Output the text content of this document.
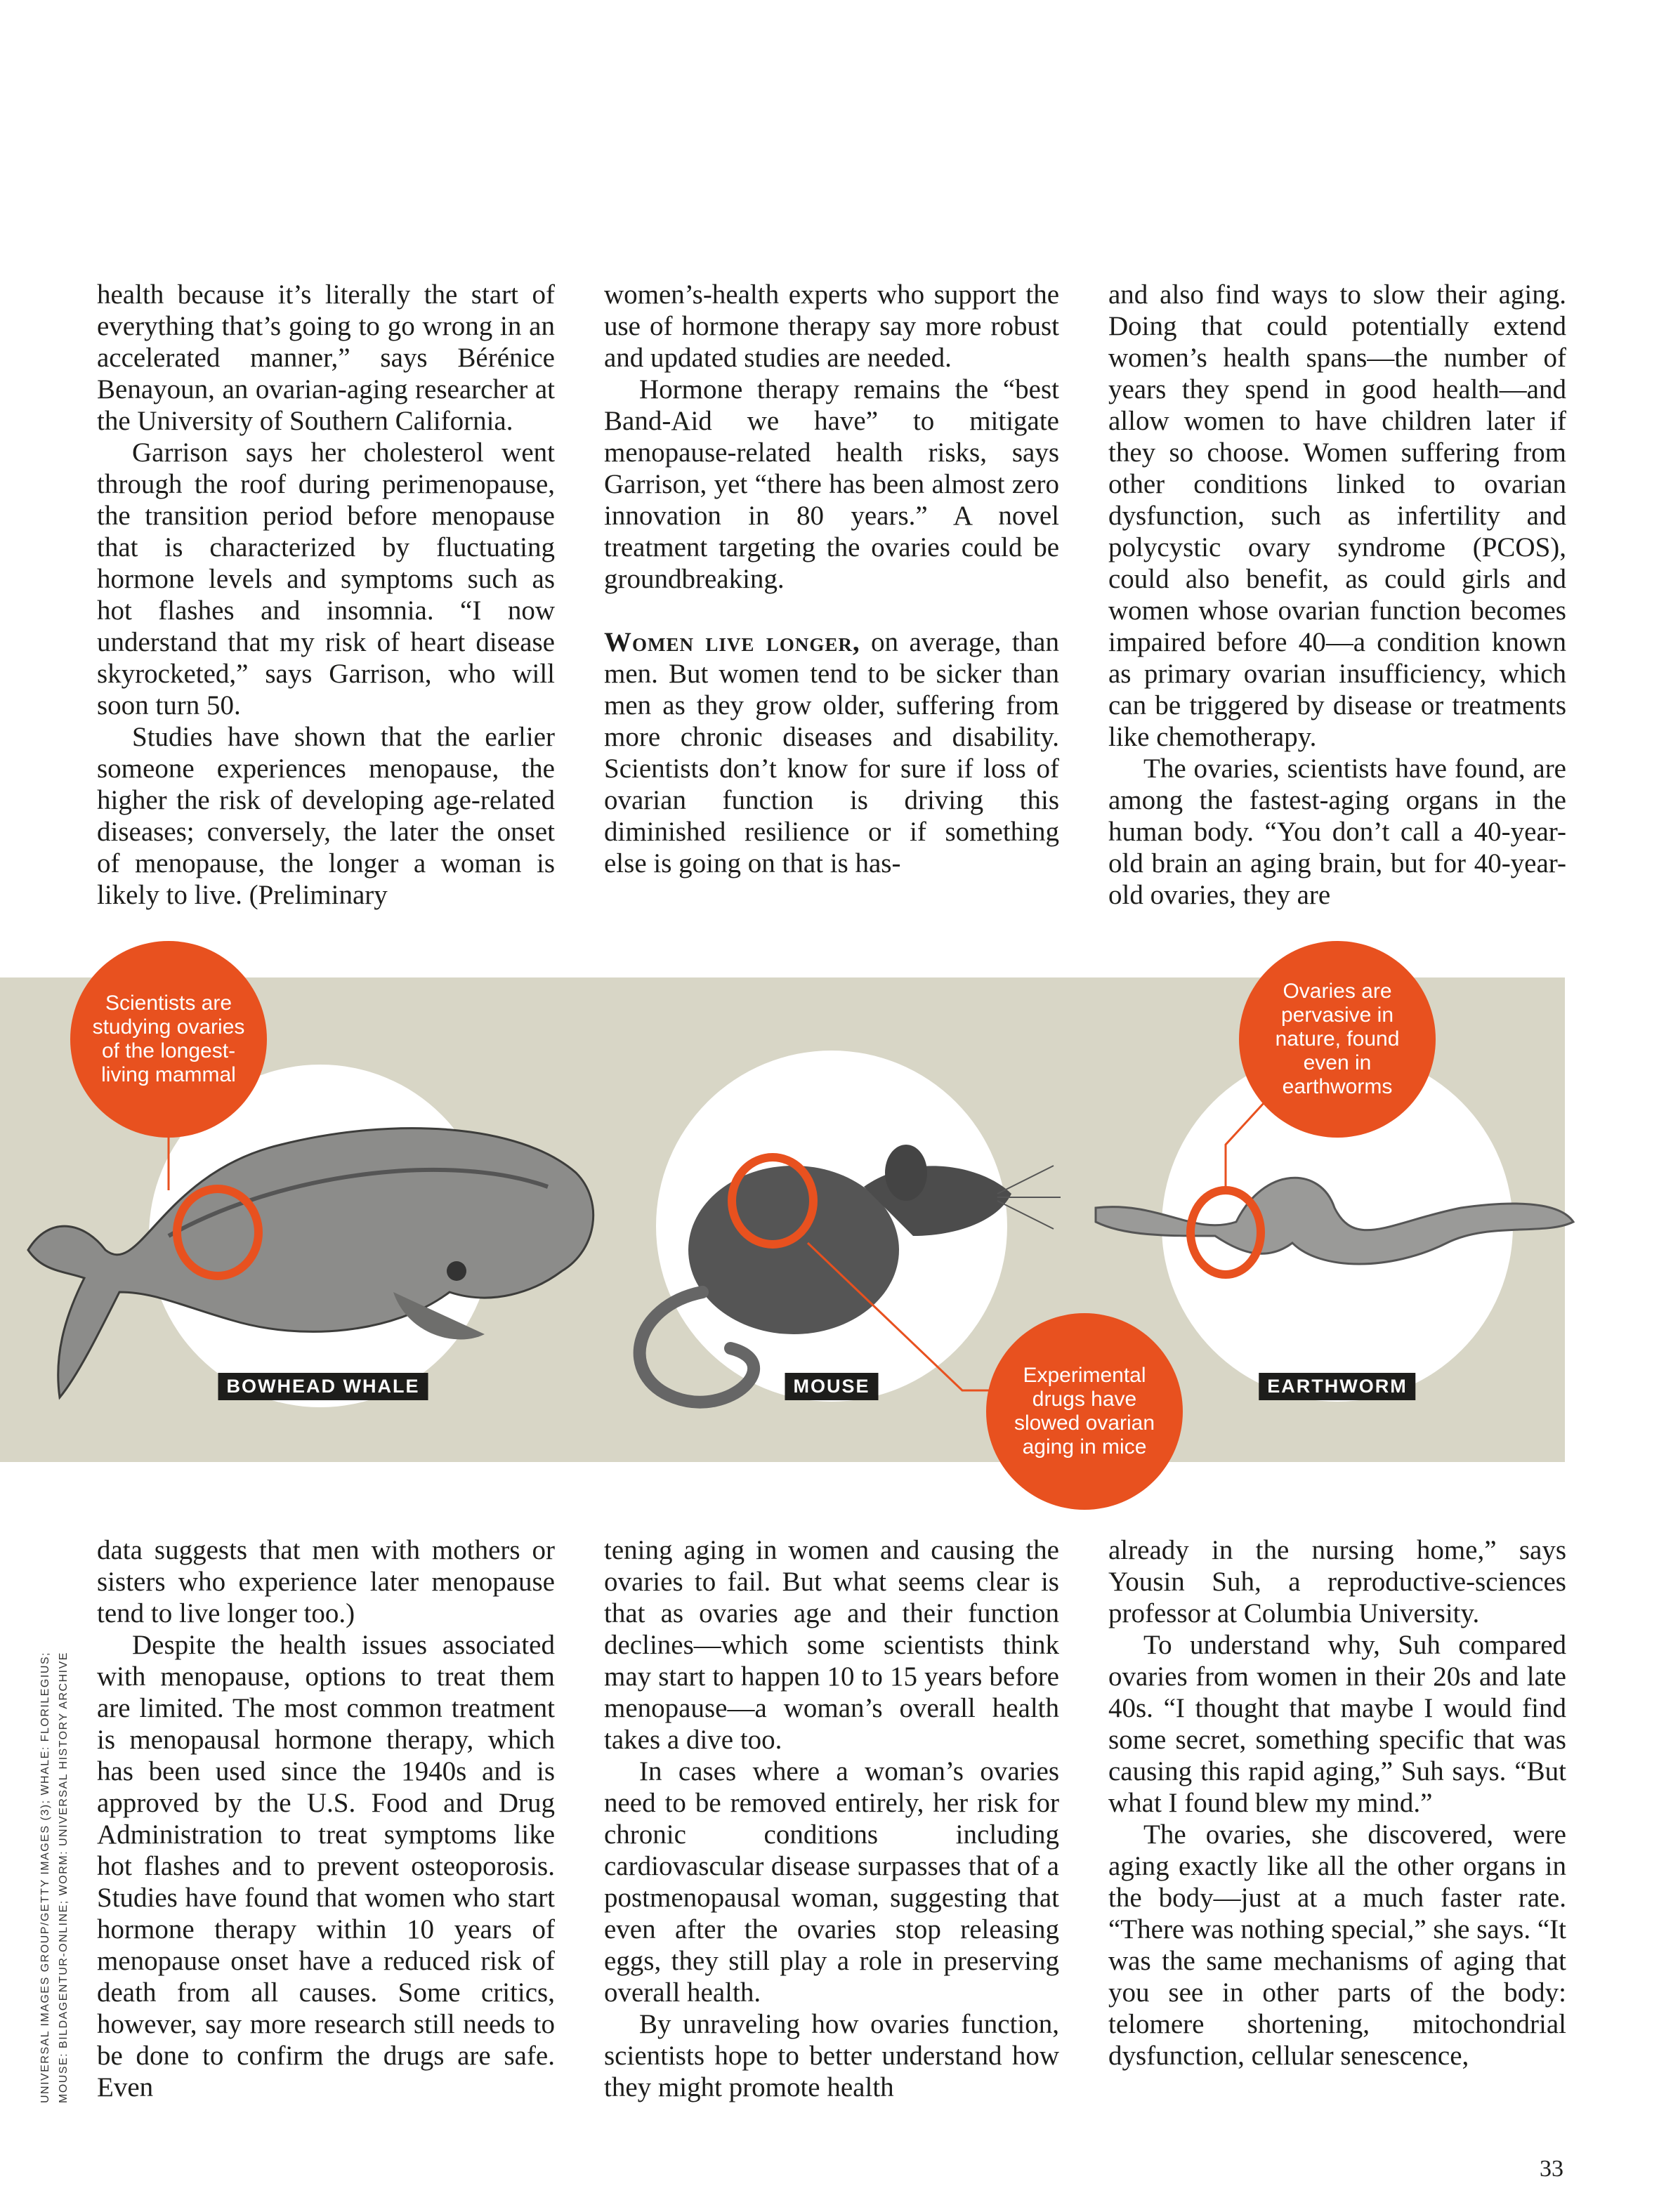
health because it’s literally the start of everything that’s going to go wrong in an accelerated manner,” says Bérénice Benayoun, an ovarian-aging researcher at the University of Southern California.

Garrison says her cholesterol went through the roof during perimenopause, the transition period before menopause that is characterized by fluctuating hormone levels and symptoms such as hot flashes and insomnia. “I now understand that my risk of heart disease skyrocketed,” says Garrison, who will soon turn 50.

Studies have shown that the earlier someone experiences menopause, the higher the risk of developing age-related diseases; conversely, the later the onset of menopause, the longer a woman is likely to live. (Preliminary

women’s-health experts who support the use of hormone therapy say more robust and updated studies are needed.

Hormone therapy remains the “best Band-Aid we have” to mitigate menopause-related health risks, says Garrison, yet “there has been almost zero innovation in 80 years.” A novel treatment targeting the ovaries could be groundbreaking.

Women live longer, on average, than men. But women tend to be sicker than men as they grow older, suffering from more chronic diseases and disability. Scientists don’t know for sure if loss of ovarian function is driving this diminished resilience or if something else is going on that is has-

and also find ways to slow their aging. Doing that could potentially extend women’s health spans—the number of years they spend in good health—and allow women to have children later if they so choose. Women suffering from other conditions linked to ovarian dysfunction, such as infertility and polycystic ovary syndrome (PCOS), could also benefit, as could girls and women whose ovarian function becomes impaired before 40—a condition known as primary ovarian insufficiency, which can be triggered by disease or treatments like chemotherapy.

The ovaries, scientists have found, are among the fastest-aging organs in the human body. “You don’t call a 40-year-old brain an aging brain, but for 40-year-old ovaries, they are

Scientists are studying ovaries of the longest-living mammal
Ovaries are pervasive in nature, found even in earthworms
Experimental drugs have slowed ovarian aging in mice
BOWHEAD WHALE	MOUSE	EARTHWORM

data suggests that men with mothers or sisters who experience later menopause tend to live longer too.)

Despite the health issues associated with menopause, options to treat them are limited. The most common treatment is menopausal hormone therapy, which has been used since the 1940s and is approved by the U.S. Food and Drug Administration to treat symptoms like hot flashes and to prevent osteoporosis. Studies have found that women who start hormone therapy within 10 years of menopause onset have a reduced risk of death from all causes. Some critics, however, say more research still needs to be done to confirm the drugs are safe. Even

tening aging in women and causing the ovaries to fail. But what seems clear is that as ovaries age and their function declines—which some scientists think may start to happen 10 to 15 years before menopause—a woman’s overall health takes a dive too.

In cases where a woman’s ovaries need to be removed entirely, her risk for chronic conditions including cardiovascular disease surpasses that of a postmenopausal woman, suggesting that even after the ovaries stop releasing eggs, they still play a role in preserving overall health.

By unraveling how ovaries function, scientists hope to better understand how they might promote health

already in the nursing home,” says Yousin Suh, a reproductive-sciences professor at Columbia University.

To understand why, Suh compared ovaries from women in their 20s and late 40s. “I thought that maybe I would find some secret, something specific that was causing this rapid aging,” Suh says. “But what I found blew my mind.”

The ovaries, she discovered, were aging exactly like all the other organs in the body—just at a much faster rate. “There was nothing special,” she says. “It was the same mechanisms of aging that you see in other parts of the body: telomere shortening, mitochondrial dysfunction, cellular senescence,

UNIVERSAL IMAGES GROUP/GETTY IMAGES (3); WHALE: FLORILEGIUS; MOUSE: BILDAGENTUR-ONLINE; WORM: UNIVERSAL HISTORY ARCHIVE
33
